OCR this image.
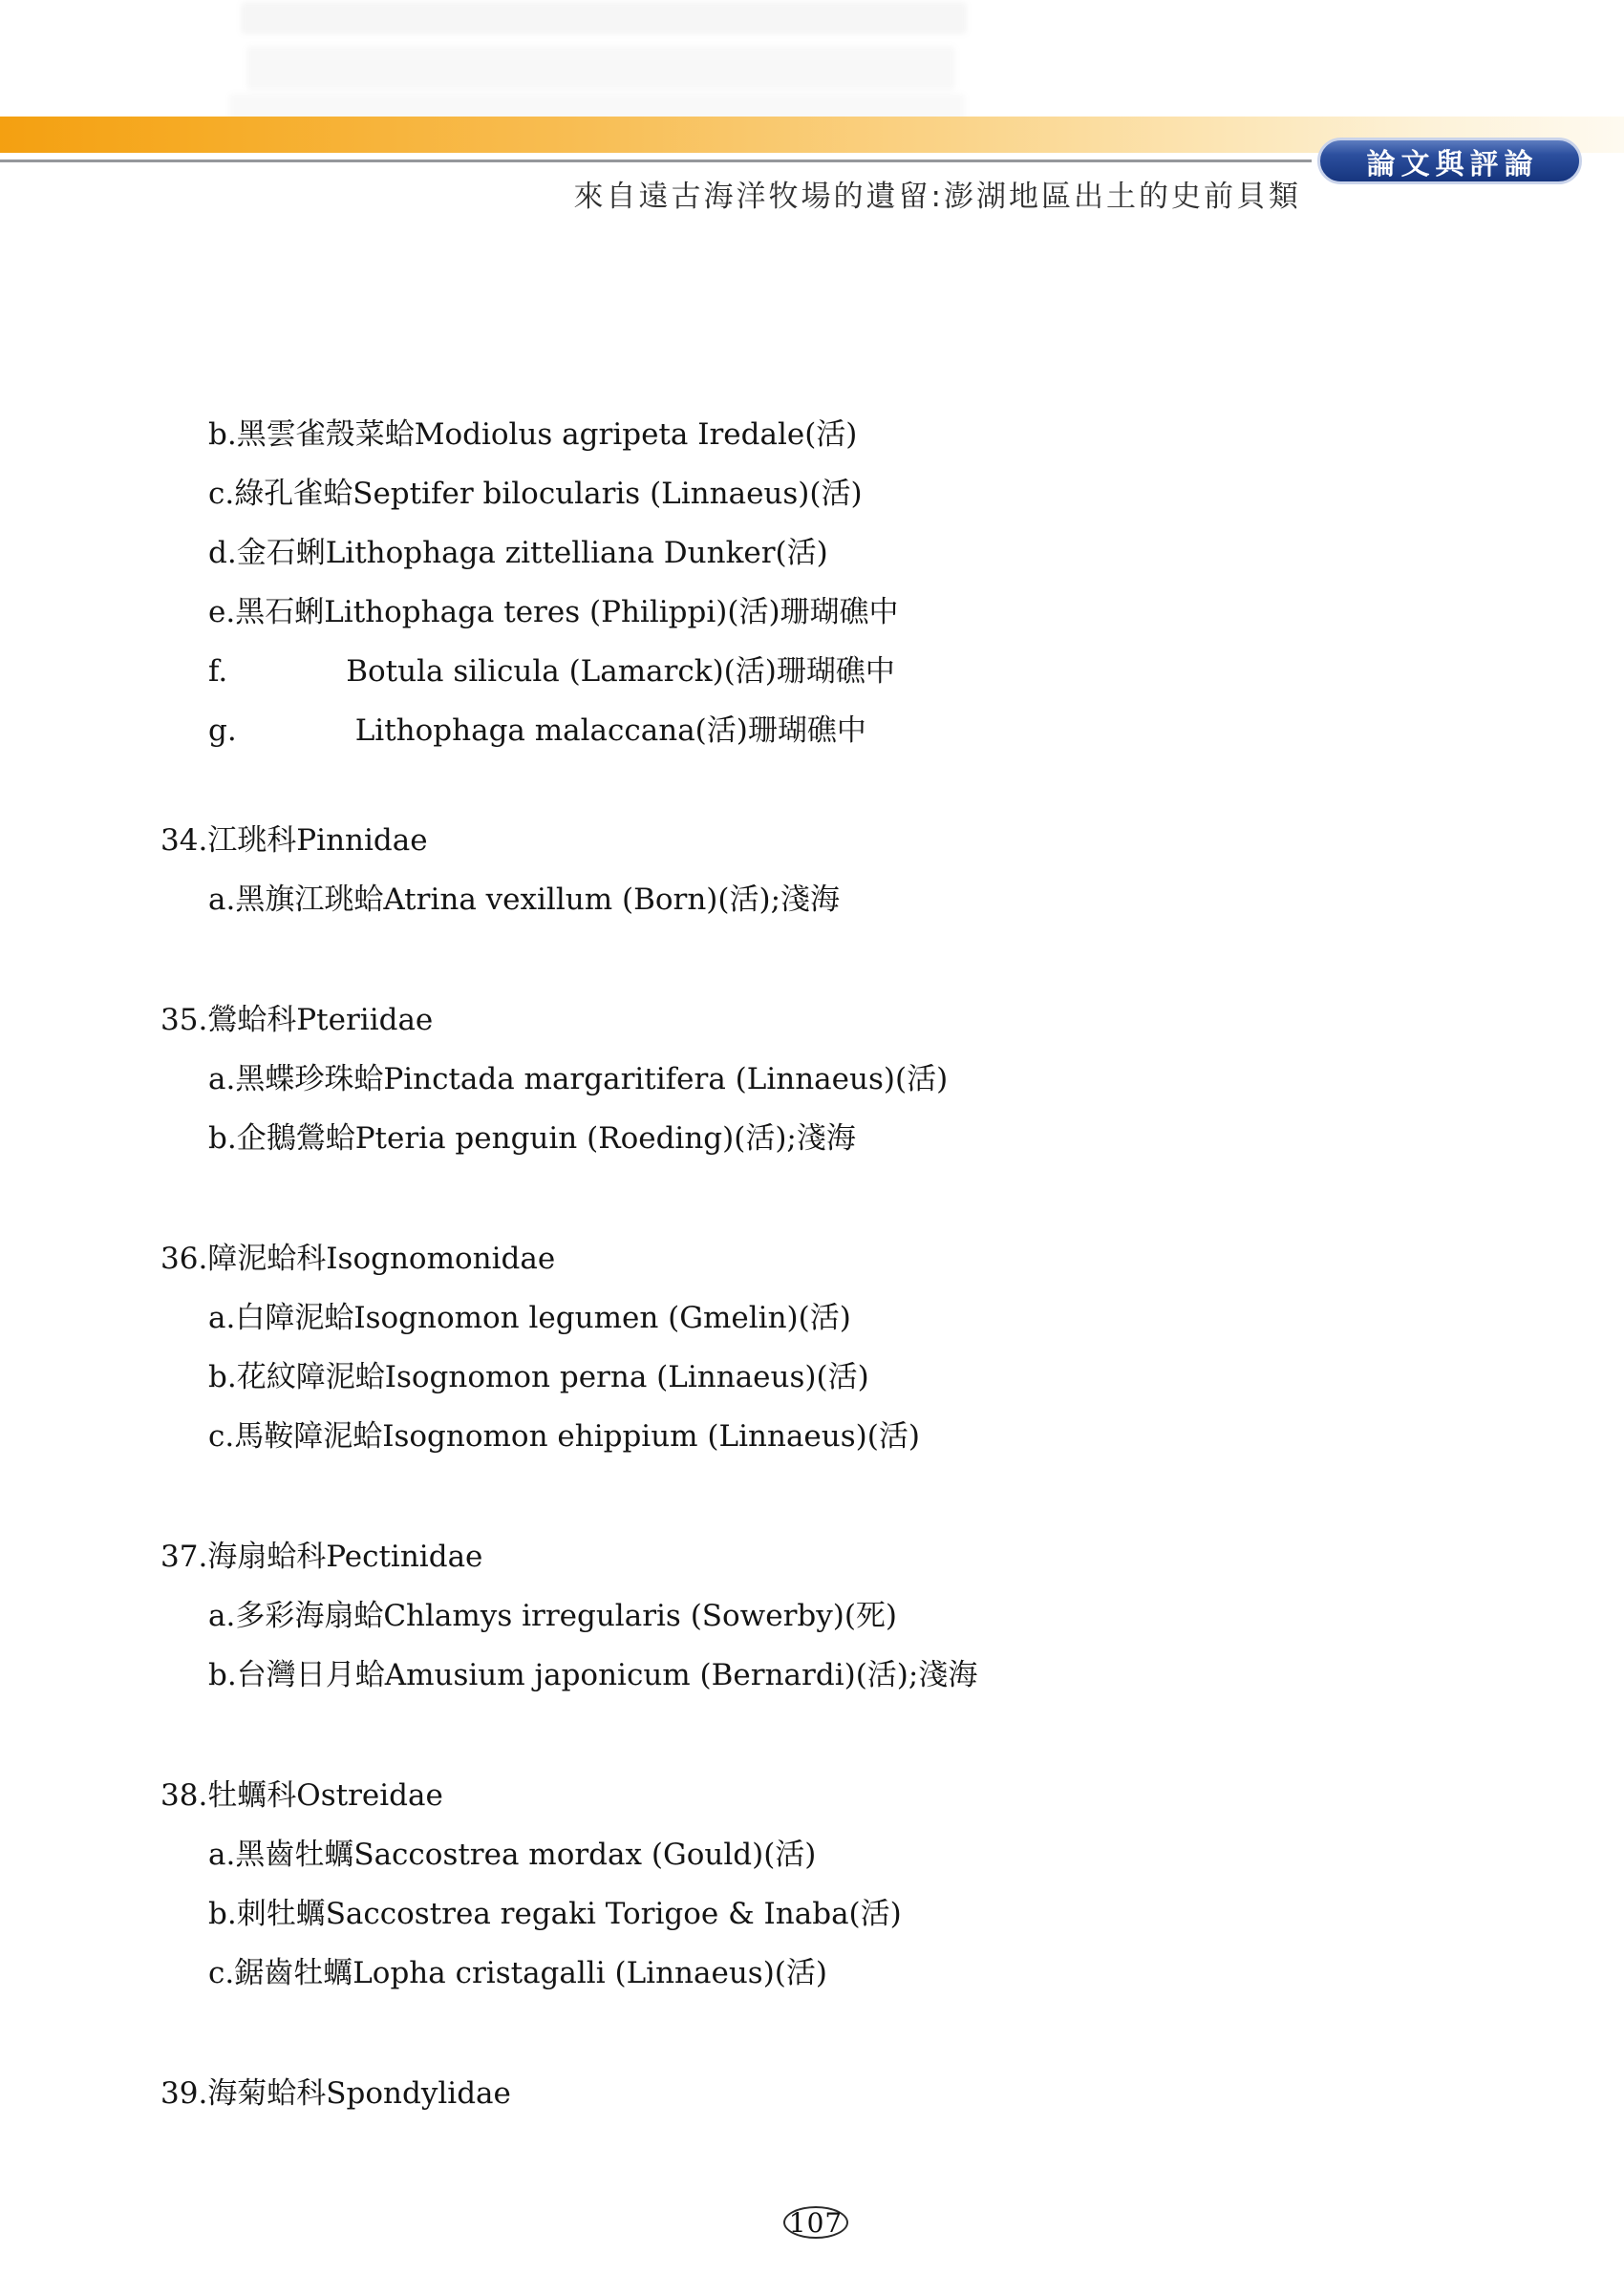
論文與評論
來自遠古海洋牧場的遺留:澎湖地區出土的史前貝類
b.黑雲雀殼菜蛤Modiolus agripeta Iredale(活)
c.綠孔雀蛤Septifer bilocularis (Linnaeus)(活)
d.金石蜊Lithophaga zittelliana Dunker(活)
e.黑石蜊Lithophaga teres (Philippi)(活)珊瑚礁中
f.　　　　Botula silicula (Lamarck)(活)珊瑚礁中
g.　　　　Lithophaga malaccana(活)珊瑚礁中
34.江珧科Pinnidae
a.黑旗江珧蛤Atrina vexillum (Born)(活);淺海
35.鶯蛤科Pteriidae
a.黑蝶珍珠蛤Pinctada margaritifera (Linnaeus)(活)
b.企鵝鶯蛤Pteria penguin (Roeding)(活);淺海
36.障泥蛤科Isognomonidae
a.白障泥蛤Isognomon legumen (Gmelin)(活)
b.花紋障泥蛤Isognomon perna (Linnaeus)(活)
c.馬鞍障泥蛤Isognomon ehippium (Linnaeus)(活)
37.海扇蛤科Pectinidae
a.多彩海扇蛤Chlamys irregularis (Sowerby)(死)
b.台灣日月蛤Amusium japonicum (Bernardi)(活);淺海
38.牡蠣科Ostreidae
a.黑齒牡蠣Saccostrea mordax (Gould)(活)
b.刺牡蠣Saccostrea regaki Torigoe & Inaba(活)
c.鋸齒牡蠣Lopha cristagalli (Linnaeus)(活)
39.海菊蛤科Spondylidae
107
